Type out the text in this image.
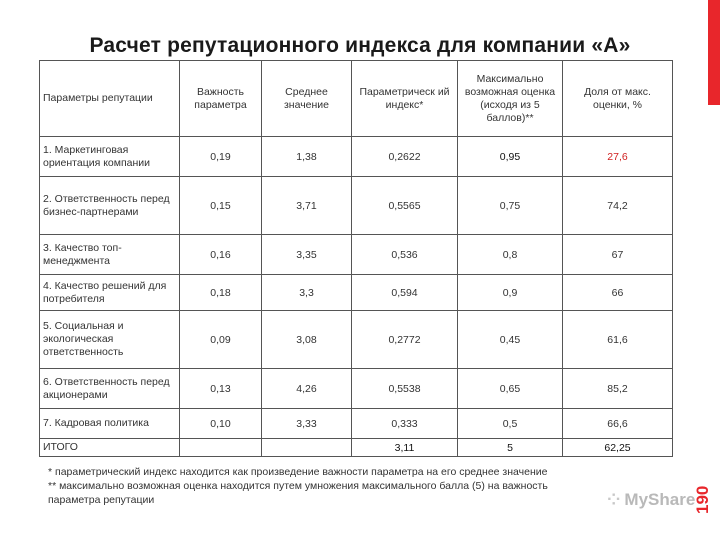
Расчет репутационного индекса для компании «А»
Параметры репутации	Важность параметра	Среднее значение	Параметрическ ий индекс*	Максимально возможная оценка (исходя из 5 баллов)**	Доля от макс. оценки, %
1. Маркетинговая ориентация компании	0,19	1,38	0,2622	0,95	27,6
2. Ответственность перед бизнес-партнерами	0,15	3,71	0,5565	0,75	74,2
3. Качество топ-менеджмента	0,16	3,35	0,536	0,8	67
4. Качество решений для потребителя	0,18	3,3	0,594	0,9	66
5. Социальная и экологическая ответственность	0,09	3,08	0,2772	0,45	61,6
6. Ответственность перед акционерами	0,13	4,26	0,5538	0,65	85,2
7. Кадровая политика	0,10	3,33	0,333	0,5	66,6
ИТОГО			3,11	5	62,25
* параметрический индекс находится как произведение важности параметра на его среднее значение
** максимально возможная оценка находится путем умножения максимального балла (5) на важность
параметра репутации	⁘ MyShare
190
